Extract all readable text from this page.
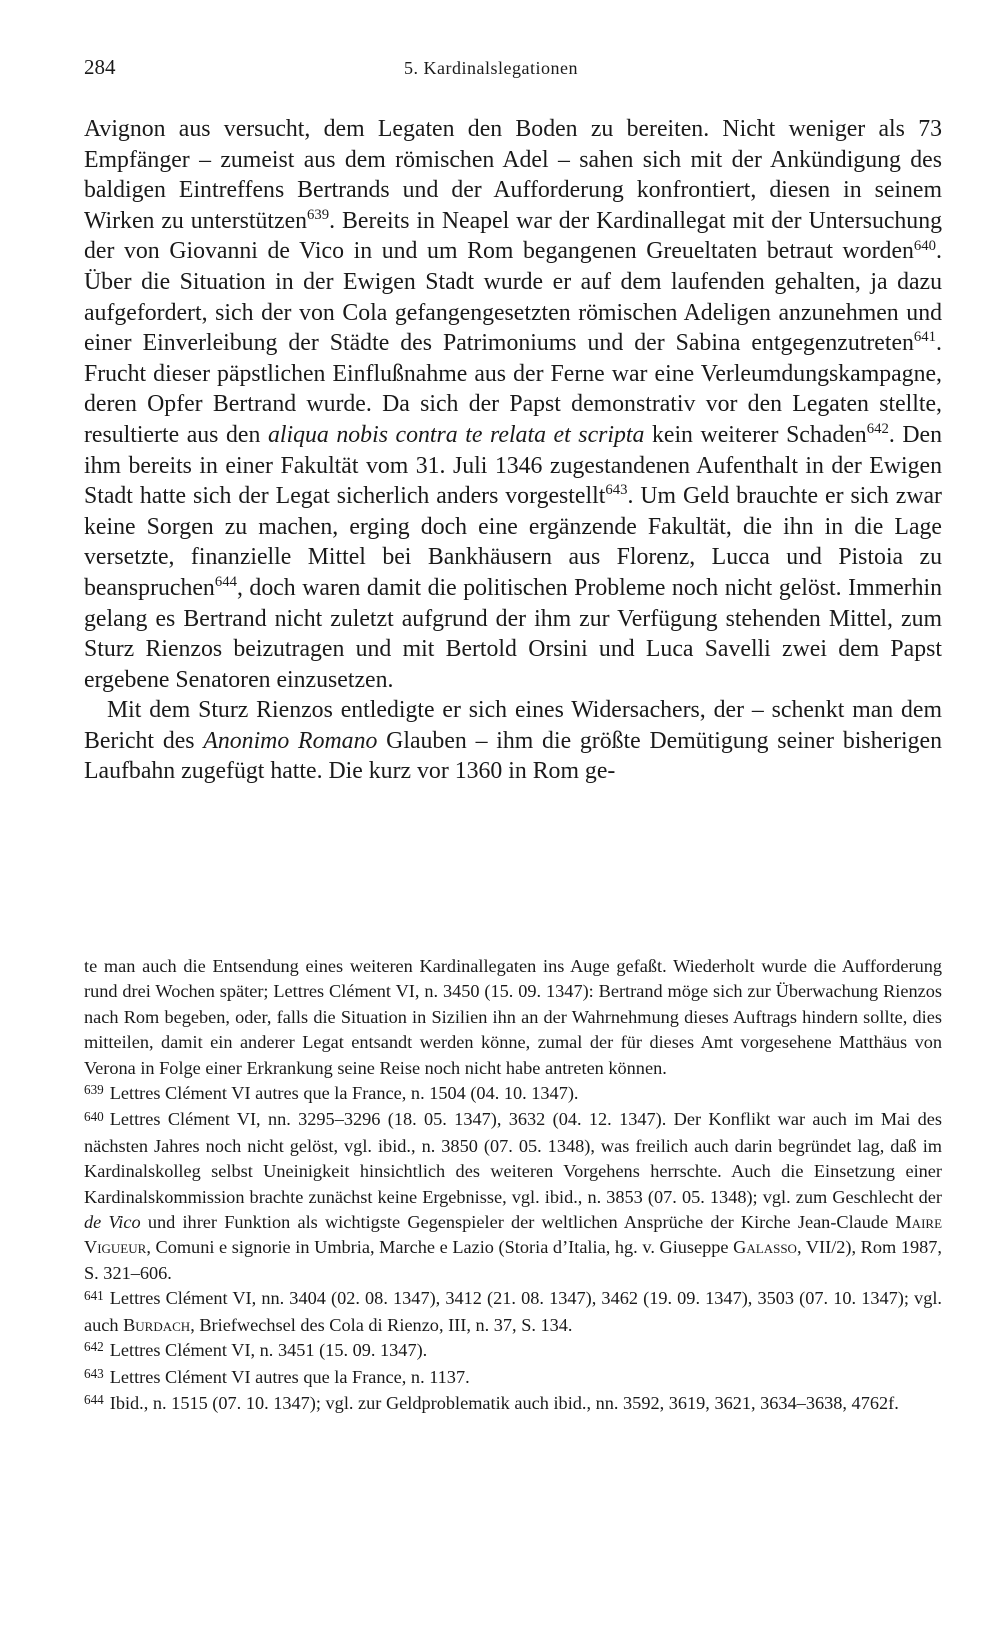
284	5. Kardinalslegationen

Avignon aus versucht, dem Legaten den Boden zu bereiten. Nicht weniger als 73 Empfänger – zumeist aus dem römischen Adel – sahen sich mit der Ankündigung des baldigen Eintreffens Bertrands und der Aufforderung konfrontiert, diesen in seinem Wirken zu unterstützen$^{639}$. Bereits in Neapel war der Kardinallegat mit der Untersuchung der von Giovanni de Vico in und um Rom begangenen Greueltaten betraut worden$^{640}$. Über die Situation in der Ewigen Stadt wurde er auf dem laufenden gehalten, ja dazu aufgefordert, sich der von Cola gefangengesetzten römischen Adeligen anzunehmen und einer Einverleibung der Städte des Patrimoniums und der Sabina entgegenzutreten$^{641}$. Frucht dieser päpstlichen Einflußnahme aus der Ferne war eine Verleumdungskampagne, deren Opfer Bertrand wurde. Da sich der Papst demonstrativ vor den Legaten stellte, resultierte aus den aliqua nobis contra te relata et scripta kein weiterer Schaden$^{642}$. Den ihm bereits in einer Fakultät vom 31. Juli 1346 zugestandenen Aufenthalt in der Ewigen Stadt hatte sich der Legat sicherlich anders vorgestellt$^{643}$. Um Geld brauchte er sich zwar keine Sorgen zu machen, erging doch eine ergänzende Fakultät, die ihn in die Lage versetzte, finanzielle Mittel bei Bankhäusern aus Florenz, Lucca und Pistoia zu beanspruchen$^{644}$, doch waren damit die politischen Probleme noch nicht gelöst. Immerhin gelang es Bertrand nicht zuletzt aufgrund der ihm zur Verfügung stehenden Mittel, zum Sturz Rienzos beizutragen und mit Bertold Orsini und Luca Savelli zwei dem Papst ergebene Senatoren einzusetzen.

Mit dem Sturz Rienzos entledigte er sich eines Widersachers, der – schenkt man dem Bericht des Anonimo Romano Glauben – ihm die größte Demütigung seiner bisherigen Laufbahn zugefügt hatte. Die kurz vor 1360 in Rom ge-

te man auch die Entsendung eines weiteren Kardinallegaten ins Auge gefaßt. Wiederholt wurde die Aufforderung rund drei Wochen später; Lettres Clément VI, n. 3450 (15. 09. 1347): Bertrand möge sich zur Überwachung Rienzos nach Rom begeben, oder, falls die Situation in Sizilien ihn an der Wahrnehmung dieses Auftrags hindern sollte, dies mitteilen, damit ein anderer Legat entsandt werden könne, zumal der für dieses Amt vorgesehene Matthäus von Verona in Folge einer Erkrankung seine Reise noch nicht habe antreten können.

$^{639}$ Lettres Clément VI autres que la France, n. 1504 (04. 10. 1347).

$^{640}$ Lettres Clément VI, nn. 3295–3296 (18. 05. 1347), 3632 (04. 12. 1347). Der Konflikt war auch im Mai des nächsten Jahres noch nicht gelöst, vgl. ibid., n. 3850 (07. 05. 1348), was freilich auch darin begründet lag, daß im Kardinalskolleg selbst Uneinigkeit hinsichtlich des weiteren Vorgehens herrschte. Auch die Einsetzung einer Kardinalskommission brachte zunächst keine Ergebnisse, vgl. ibid., n. 3853 (07. 05. 1348); vgl. zum Geschlecht der de Vico und ihrer Funktion als wichtigste Gegenspieler der weltlichen Ansprüche der Kirche Jean-Claude Maire Vigueur, Comuni e signorie in Umbria, Marche e Lazio (Storia d’Italia, hg. v. Giuseppe Galasso, VII/2), Rom 1987, S. 321–606.

$^{641}$ Lettres Clément VI, nn. 3404 (02. 08. 1347), 3412 (21. 08. 1347), 3462 (19. 09. 1347), 3503 (07. 10. 1347); vgl. auch Burdach, Briefwechsel des Cola di Rienzo, III, n. 37, S. 134.

$^{642}$ Lettres Clément VI, n. 3451 (15. 09. 1347).

$^{643}$ Lettres Clément VI autres que la France, n. 1137.

$^{644}$ Ibid., n. 1515 (07. 10. 1347); vgl. zur Geldproblematik auch ibid., nn. 3592, 3619, 3621, 3634–3638, 4762f.
